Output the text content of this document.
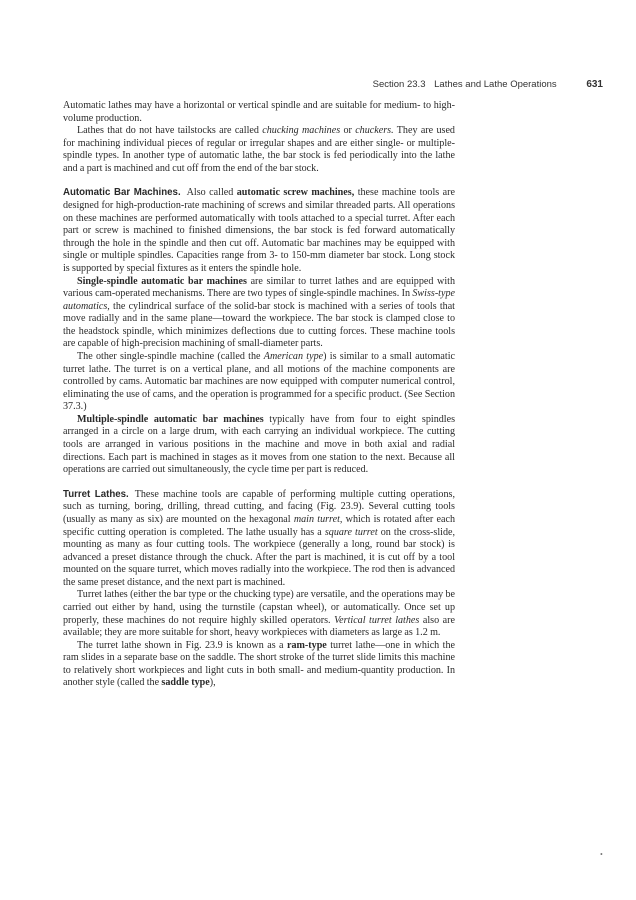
Section 23.3 Lathes and Lathe Operations	631

Automatic lathes may have a horizontal or vertical spindle and are suitable for medium- to high-volume production.

Lathes that do not have tailstocks are called chucking machines or chuckers. They are used for machining individual pieces of regular or irregular shapes and are either single- or multiple-spindle types. In another type of automatic lathe, the bar stock is fed periodically into the lathe and a part is machined and cut off from the end of the bar stock.

Automatic Bar Machines. Also called automatic screw machines, these machine tools are designed for high-production-rate machining of screws and similar threaded parts. All operations on these machines are performed automatically with tools attached to a special turret. After each part or screw is machined to finished dimensions, the bar stock is fed forward automatically through the hole in the spindle and then cut off. Automatic bar machines may be equipped with single or multiple spindles. Capacities range from 3- to 150-mm diameter bar stock. Long stock is supported by special fixtures as it enters the spindle hole.

Single-spindle automatic bar machines are similar to turret lathes and are equipped with various cam-operated mechanisms. There are two types of single-spindle machines. In Swiss-type automatics, the cylindrical surface of the solid-bar stock is machined with a series of tools that move radially and in the same plane—toward the workpiece. The bar stock is clamped close to the headstock spindle, which minimizes deflections due to cutting forces. These machine tools are capable of high-precision machining of small-diameter parts.

The other single-spindle machine (called the American type) is similar to a small automatic turret lathe. The turret is on a vertical plane, and all motions of the machine components are controlled by cams. Automatic bar machines are now equipped with computer numerical control, eliminating the use of cams, and the operation is programmed for a specific product. (See Section 37.3.)

Multiple-spindle automatic bar machines typically have from four to eight spindles arranged in a circle on a large drum, with each carrying an individual workpiece. The cutting tools are arranged in various positions in the machine and move in both axial and radial directions. Each part is machined in stages as it moves from one station to the next. Because all operations are carried out simultaneously, the cycle time per part is reduced.

Turret Lathes. These machine tools are capable of performing multiple cutting operations, such as turning, boring, drilling, thread cutting, and facing (Fig. 23.9). Several cutting tools (usually as many as six) are mounted on the hexagonal main turret, which is rotated after each specific cutting operation is completed. The lathe usually has a square turret on the cross-slide, mounting as many as four cutting tools. The workpiece (generally a long, round bar stock) is advanced a preset distance through the chuck. After the part is machined, it is cut off by a tool mounted on the square turret, which moves radially into the workpiece. The rod then is advanced the same preset distance, and the next part is machined.

Turret lathes (either the bar type or the chucking type) are versatile, and the operations may be carried out either by hand, using the turnstile (capstan wheel), or automatically. Once set up properly, these machines do not require highly skilled operators. Vertical turret lathes also are available; they are more suitable for short, heavy workpieces with diameters as large as 1.2 m.

The turret lathe shown in Fig. 23.9 is known as a ram-type turret lathe—one in which the ram slides in a separate base on the saddle. The short stroke of the turret slide limits this machine to relatively short workpieces and light cuts in both small- and medium-quantity production. In another style (called the saddle type),

•
